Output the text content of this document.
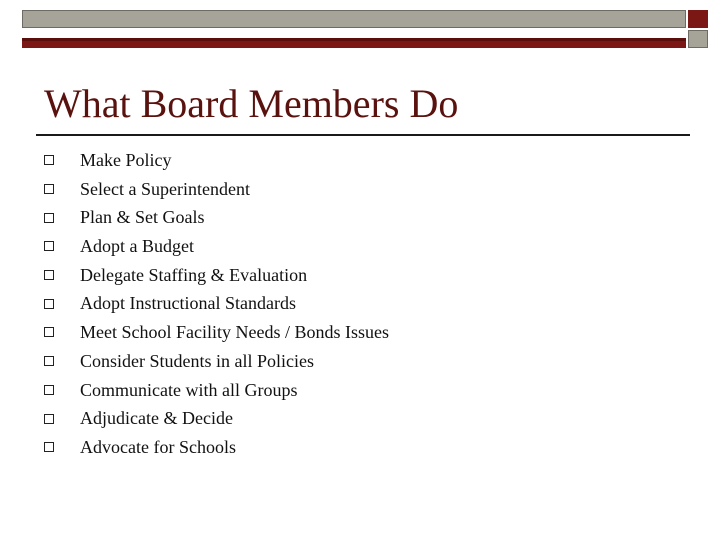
What Board Members Do
Make Policy
Select a Superintendent
Plan & Set Goals
Adopt a Budget
Delegate Staffing & Evaluation
Adopt Instructional Standards
Meet School Facility Needs / Bonds Issues
Consider Students in all Policies
Communicate with all Groups
Adjudicate & Decide
Advocate for Schools
